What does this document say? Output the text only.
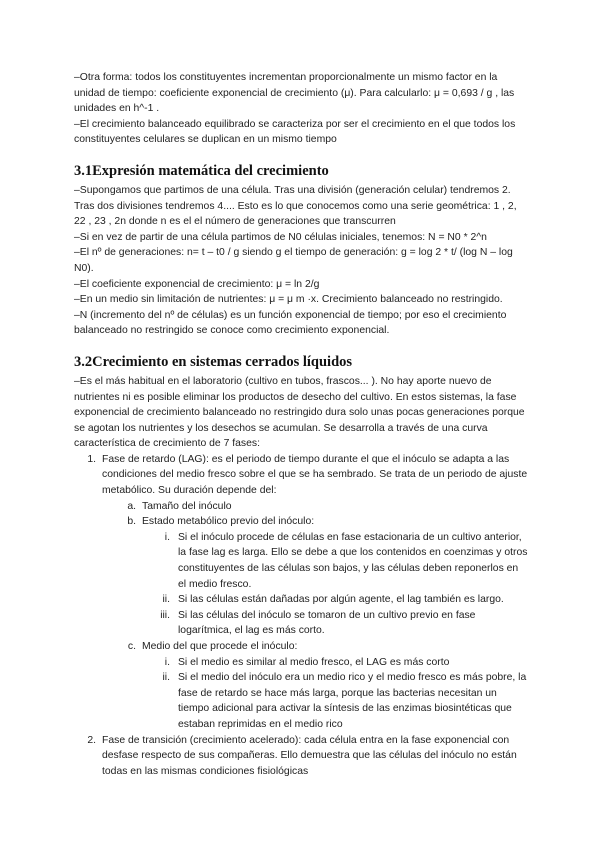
–Otra forma: todos los constituyentes incrementan proporcionalmente un mismo factor en la unidad de tiempo: coeficiente exponencial de crecimiento (μ). Para calcularlo: μ = 0,693 / g , las unidades en h^-1 .

–El crecimiento balanceado equilibrado se caracteriza por ser el crecimiento en el que todos los constituyentes celulares se duplican en un mismo tiempo

3.1Expresión matemática del crecimiento

–Supongamos que partimos de una célula. Tras una división (generación celular) tendremos 2. Tras dos divisiones tendremos 4.... Esto es lo que conocemos como una serie geométrica: 1 , 2, 22 , 23 , 2n donde n es el el número de generaciones que transcurren

–Si en vez de partir de una célula partimos de N0 células iniciales, tenemos: N = N0 * 2^n

–El nº de generaciones: n= t – t0 / g siendo g el tiempo de generación: g = log 2 * t/ (log N – log N0).

–El coeficiente exponencial de crecimiento: μ = ln 2/g

–En un medio sin limitación de nutrientes: μ = μ m ·x. Crecimiento balanceado no restringido.

–N (incremento del nº de células) es un función exponencial de tiempo; por eso el crecimiento balanceado no restringido se conoce como crecimiento exponencial.

3.2Crecimiento en sistemas cerrados líquidos

–Es el más habitual en el laboratorio (cultivo en tubos, frascos... ). No hay aporte nuevo de nutrientes ni es posible eliminar los productos de desecho del cultivo. En estos sistemas, la fase exponencial de crecimiento balanceado no restringido dura solo unas pocas generaciones porque se agotan los nutrientes y los desechos se acumulan. Se desarrolla a través de una curva característica de crecimiento de 7 fases:

1. Fase de retardo (LAG): es el periodo de tiempo durante el que el inóculo se adapta a las condiciones del medio fresco sobre el que se ha sembrado. Se trata de un periodo de ajuste metabólico. Su duración depende del:
a. Tamaño del inóculo
b. Estado metabólico previo del inóculo:
i. Si el inóculo procede de células en fase estacionaria de un cultivo anterior, la fase lag es larga. Ello se debe a que los contenidos en coenzimas y otros constituyentes de las células son bajos, y las células deben reponerlos en el medio fresco.
ii. Si las células están dañadas por algún agente, el lag también es largo.
iii. Si las células del inóculo se tomaron de un cultivo previo en fase logarítmica, el lag es más corto.
c. Medio del que procede el inóculo:
i. Si el medio es similar al medio fresco, el LAG es más corto
ii. Si el medio del inóculo era un medio rico y el medio fresco es más pobre, la fase de retardo se hace más larga, porque las bacterias necesitan un tiempo adicional para activar la síntesis de las enzimas biosintéticas que estaban reprimidas en el medio rico
2. Fase de transición (crecimiento acelerado): cada célula entra en la fase exponencial con desfase respecto de sus compañeras. Ello demuestra que las células del inóculo no están todas en las mismas condiciones fisiológicas
